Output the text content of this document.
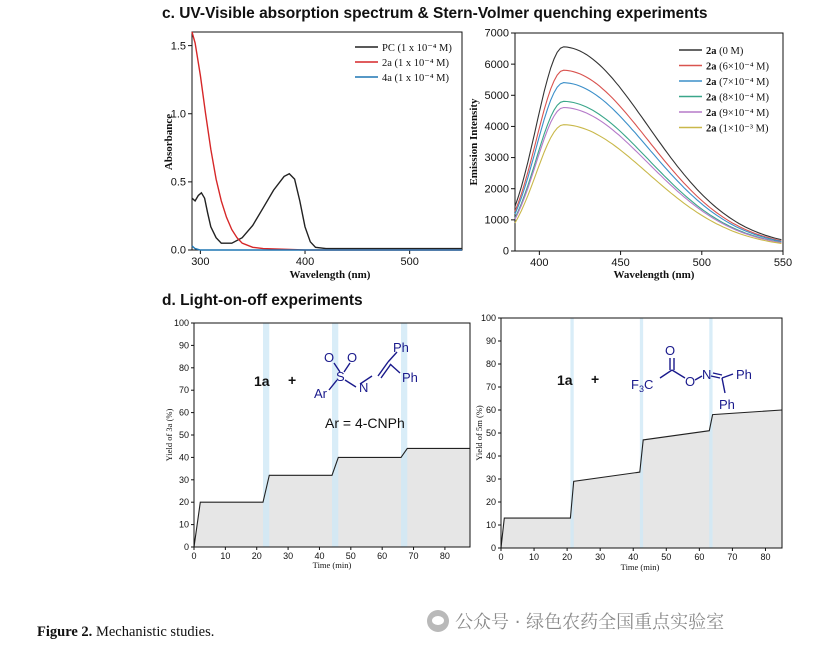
c. UV-Visible absorption spectrum & Stern-Volmer quenching experiments
d. Light-on-off experiments
300	400	500
0.0
0.5
1.0
1.5
Wavelength (nm)
Absorbance
PC (1 x 10⁻⁴ M)
2a (1 x 10⁻⁴ M)
4a (1 x 10⁻⁴ M)
400	450	500	550
0
1000
2000
3000
4000
5000
6000
7000
Wavelength (nm)
Emission Intensity
2a (0 M)
2a (6×10⁻⁴ M)
2a (7×10⁻⁴ M)
2a (8×10⁻⁴ M)
2a (9×10⁻⁴ M)
2a (1×10⁻³ M)
0	10 20 30 40 50 60 70 80
0
10
20
30
40
50
60
70
80
90
100
Time (min)
Yield of 3a (%)
1a +
Ar
S
O O
N
Ph
Ph
Ar = 4-CNPh
0	10	20	30	40	50	60	70	80
0
10
20
30
40
50
60
70
80
90
100
Time (min)
Yield of 5m (%)
$1a + F_3C$
O
O N Ph
Ph
Figure 2. Mechanistic studies.	公众号 · 绿色农药全国重点实验室
